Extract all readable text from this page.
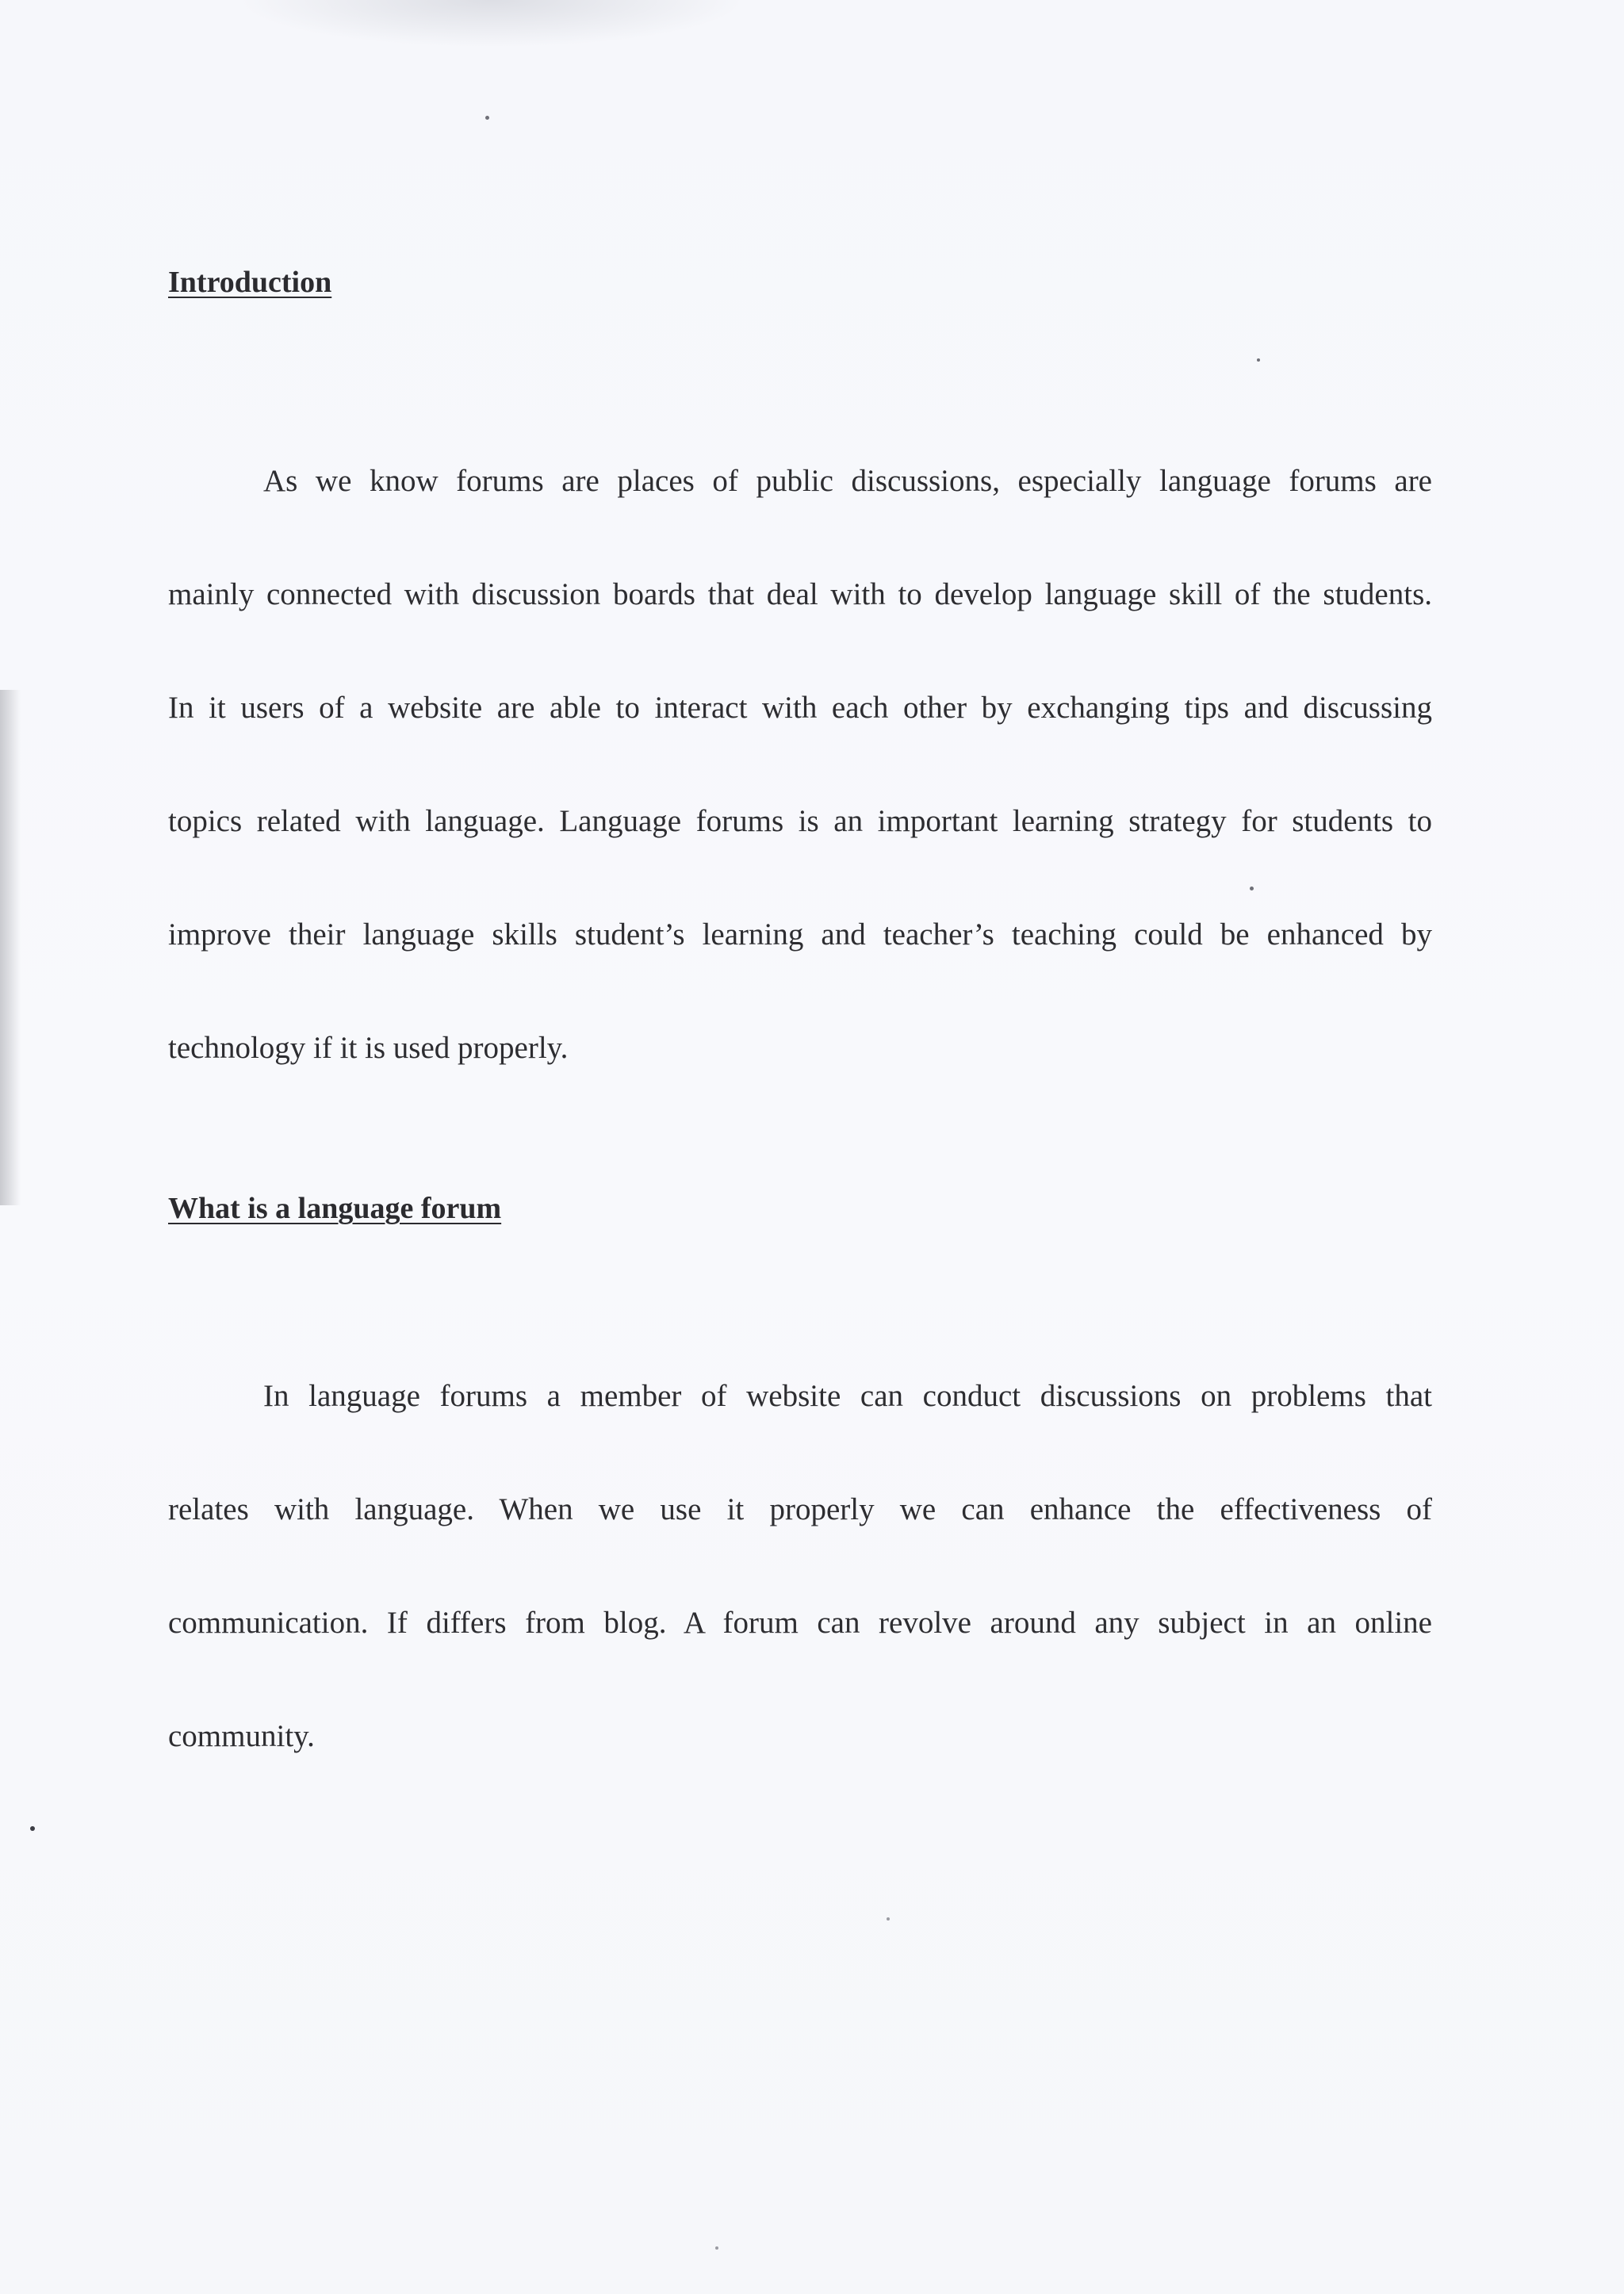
Introduction
As we know forums are places of public discussions, especially language forums are
mainly connected with discussion boards that deal with to develop language skill of the students.
In it users of a website are able to interact with each other by exchanging tips and discussing
topics related with language. Language forums is an important learning strategy for students to
improve their language skills student’s learning and teacher’s teaching could be enhanced by
technology if it is used properly.
What is a language forum
In language forums a member of website can conduct discussions on problems that
relates with language. When we use it properly we can enhance the effectiveness of
communication. If differs from blog. A forum can revolve around any subject in an online
community.
